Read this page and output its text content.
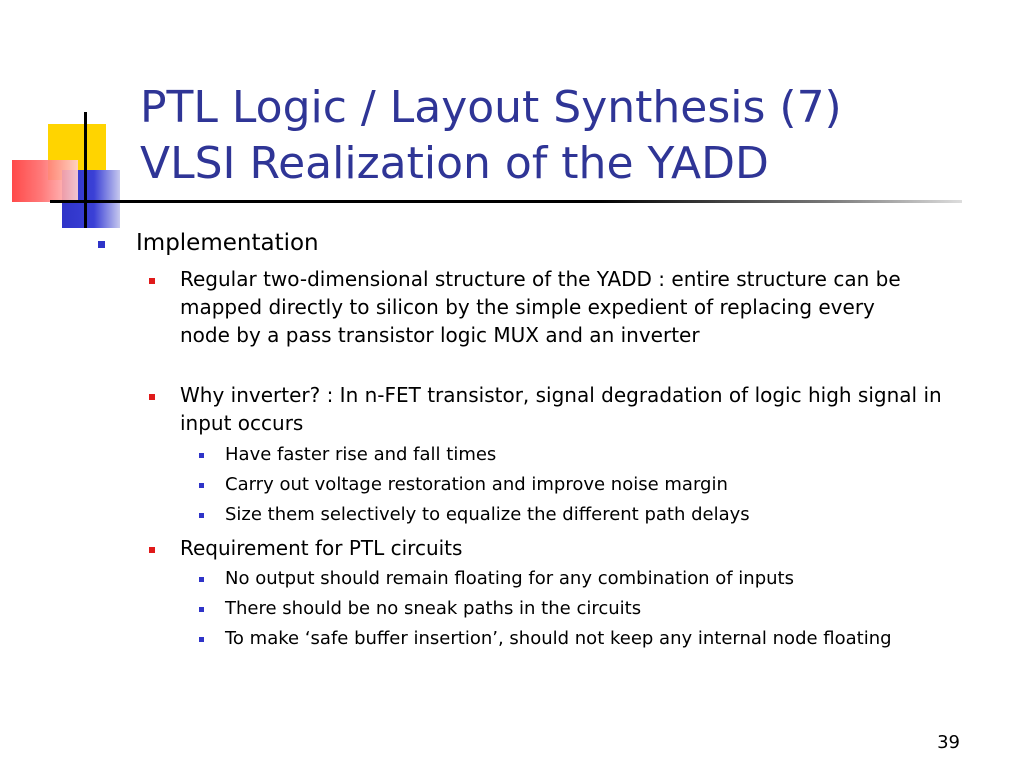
PTL Logic / Layout Synthesis (7)
VLSI Realization of the YADD
Implementation
Regular two-dimensional structure of the YADD : entire structure can be mapped directly to silicon by the simple expedient of replacing every node by a pass transistor logic MUX and an inverter
Why inverter? : In n-FET transistor, signal degradation of logic high signal in input occurs
Have faster rise and fall times
Carry out voltage restoration and improve noise margin
Size them selectively to equalize the different path delays
Requirement for PTL circuits
No output should remain floating for any combination of inputs
There should be no sneak paths in the circuits
To make ‘safe buffer insertion’, should not keep any internal node floating
39
